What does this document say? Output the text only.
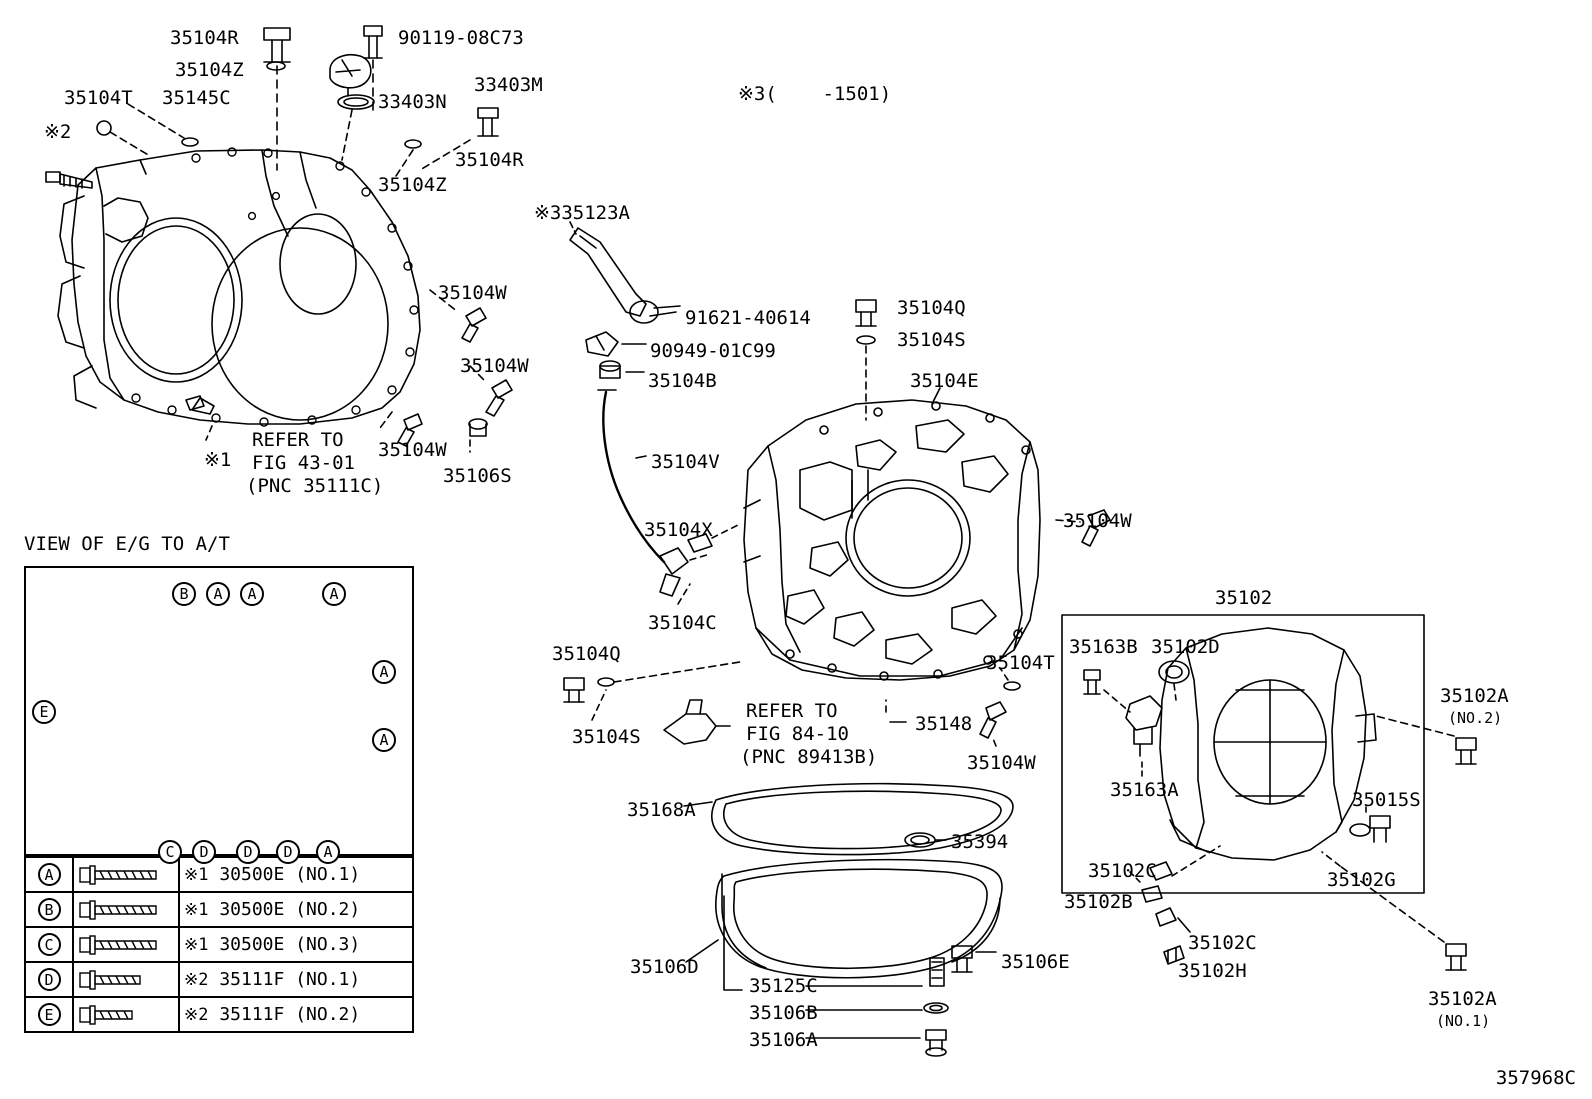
VIEW OF E/G TO A/T
A		※1 30500E (NO.1)
B		※1 30500E (NO.2)
C		※1 30500E (NO.3)
D		※2 35111F (NO.1)
E		※2 35111F (NO.2)
B	A	A	A
A
A
E
C	D	D	D	A
35104R	90119-08C73
35104Z
33403M
33403N
35104T 35145C	※3(    -1501)
※2
35104R
35104Z
※335123A
35104W
91621-40614	35104Q
35104S
90949-01C99
35104W
35104B	35104E
35104W
35106S
35104V
REFER TO
FIG 43-01
(PNC 35111C)
※1
35104X	35104W
35102
35104C
35163B 35102D
35104Q	35104T
35102A
(NO.2)
35104S
REFER TO
FIG 84-10
(PNC 89413B)
35148
35104W
35163A	35015S
35168A
35394
35102C	35102G
35102B
35102C
35102H
35106D	35106E
35125C
35106B
35106A
35102A
(NO.1)
357968C
